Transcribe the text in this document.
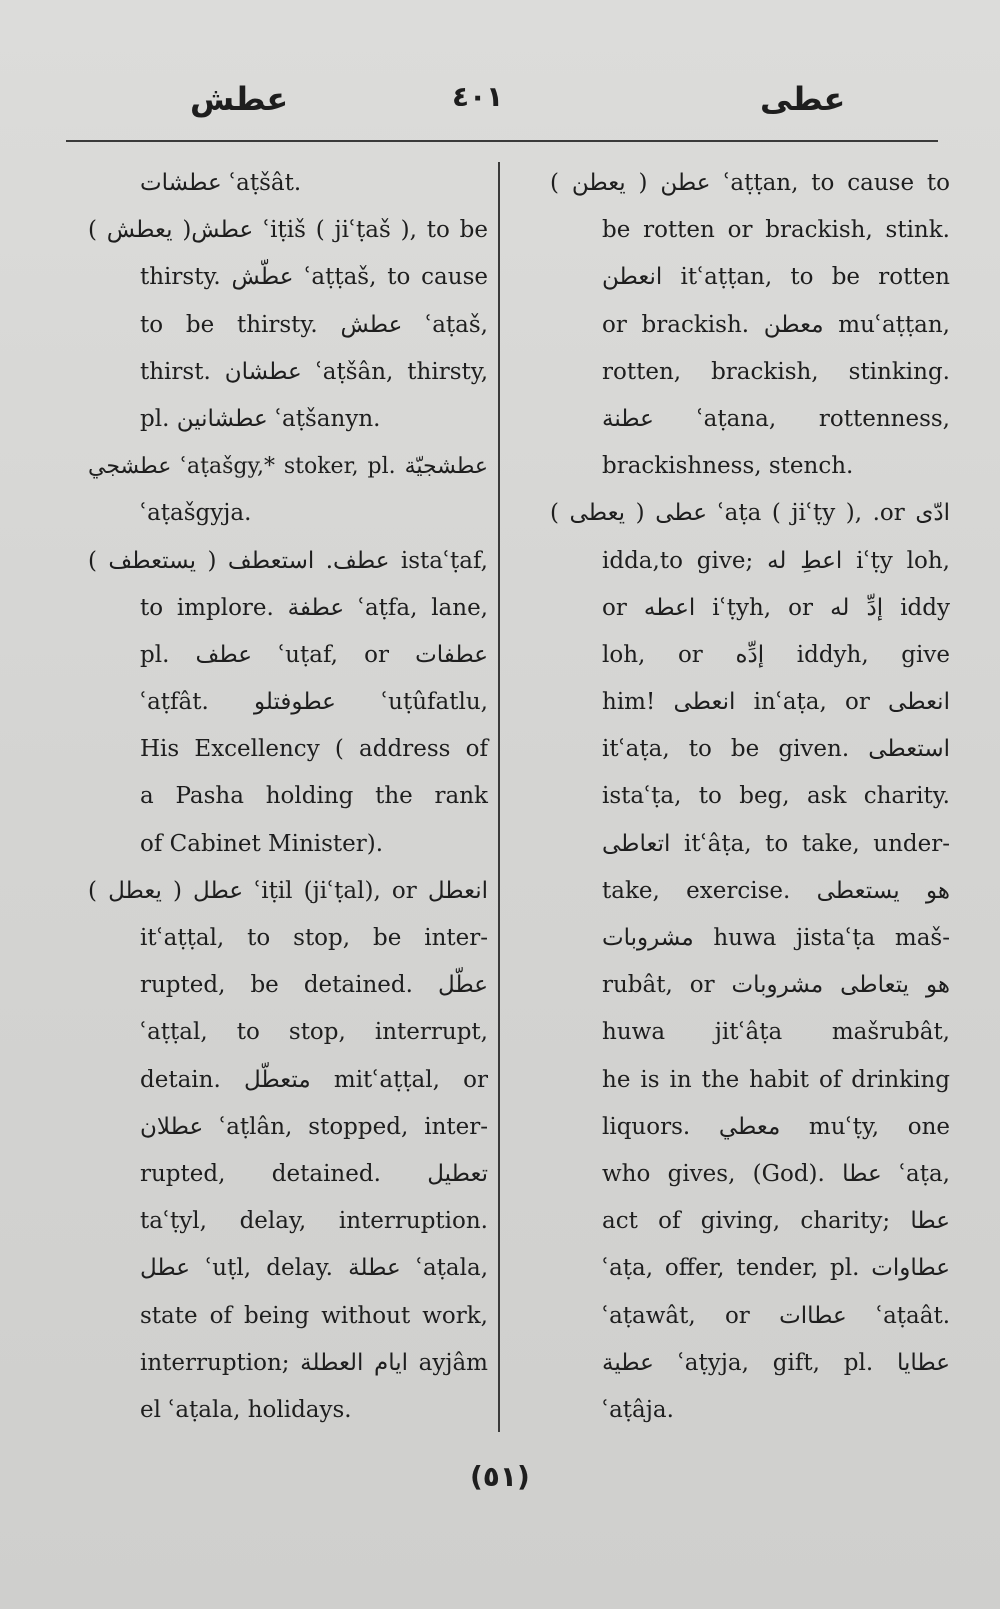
عطش	٤٠١	عطى
عطشات ʿaṭšât.
عطش( يعطش ) ʿiṭiš ( jiʿṭaš ), to be
thirsty. عطّش ʿaṭṭaš, to cause
to be thirsty. عطش ʿaṭaš,
thirst. عطشان ʿaṭšân, thirsty,
pl. عطشانين ʿaṭšanyn.
عطشجي ʿaṭašgy,* stoker, pl. عطشجيّة
ʿaṭašgyja.
عطف. استعطف ( يستعطف ) istaʿṭaf,
to implore. عطفة ʿaṭfa, lane,
pl. عطف ʿuṭaf, or عطفات
ʿaṭfât. عطوفتلو ʿuṭûfatlu,
His Excellency ( address of
a Pasha holding the rank
of Cabinet Minister).
عطل ( يعطل ) ʿiṭil (jiʿṭal), or انعطل
itʿaṭṭal, to stop, be inter-
rupted, be detained. عطّل
ʿaṭṭal, to stop, interrupt,
detain. متعطّل mitʿaṭṭal, or
عطلان ʿaṭlân, stopped, inter-
rupted, detained. تعطيل
taʿṭyl, delay, interruption.
عطل ʿuṭl, delay. عطلة ʿaṭala,
state of being without work,
interruption; ايام العطلة ayjâm
el ʿaṭala, holidays.
عطن ( يعطن ) ʿaṭṭan, to cause to
be rotten or brackish, stink.
انعطن itʿaṭṭan, to be rotten
or brackish. معطن muʿaṭṭan,
rotten, brackish, stinking.
عطنة ʿaṭana, rottenness,
brackishness, stench.
عطى ( يعطى ) ʿaṭa ( jiʿṭy ), .or ادّى
idda,to give; اعطِ له iʿṭy loh,
or اعطه iʿṭyh, or إدِّ له iddy
loh, or إدِّه iddyh, give
him! انعطى inʿaṭa, or انعطى
itʿaṭa, to be given. استعطى
istaʿṭa, to beg, ask charity.
اتعاطى itʿâṭa, to take, under-
take, exercise. هو يستعطى
مشروبات huwa jistaʿṭa maš-
rubât, or هو يتعاطى مشروبات
huwa jitʿâṭa mašrubât,
he is in the habit of drinking
liquors. معطي muʿṭy, one
who gives, (God). عطا ʿaṭa,
act of giving, charity; عطا
ʿaṭa, offer, tender, pl. عطاوات
ʿaṭawât, or عطاات ʿaṭaât.
عطية ʿaṭyja, gift, pl. عطايا
ʿaṭâja.
(٥١)
